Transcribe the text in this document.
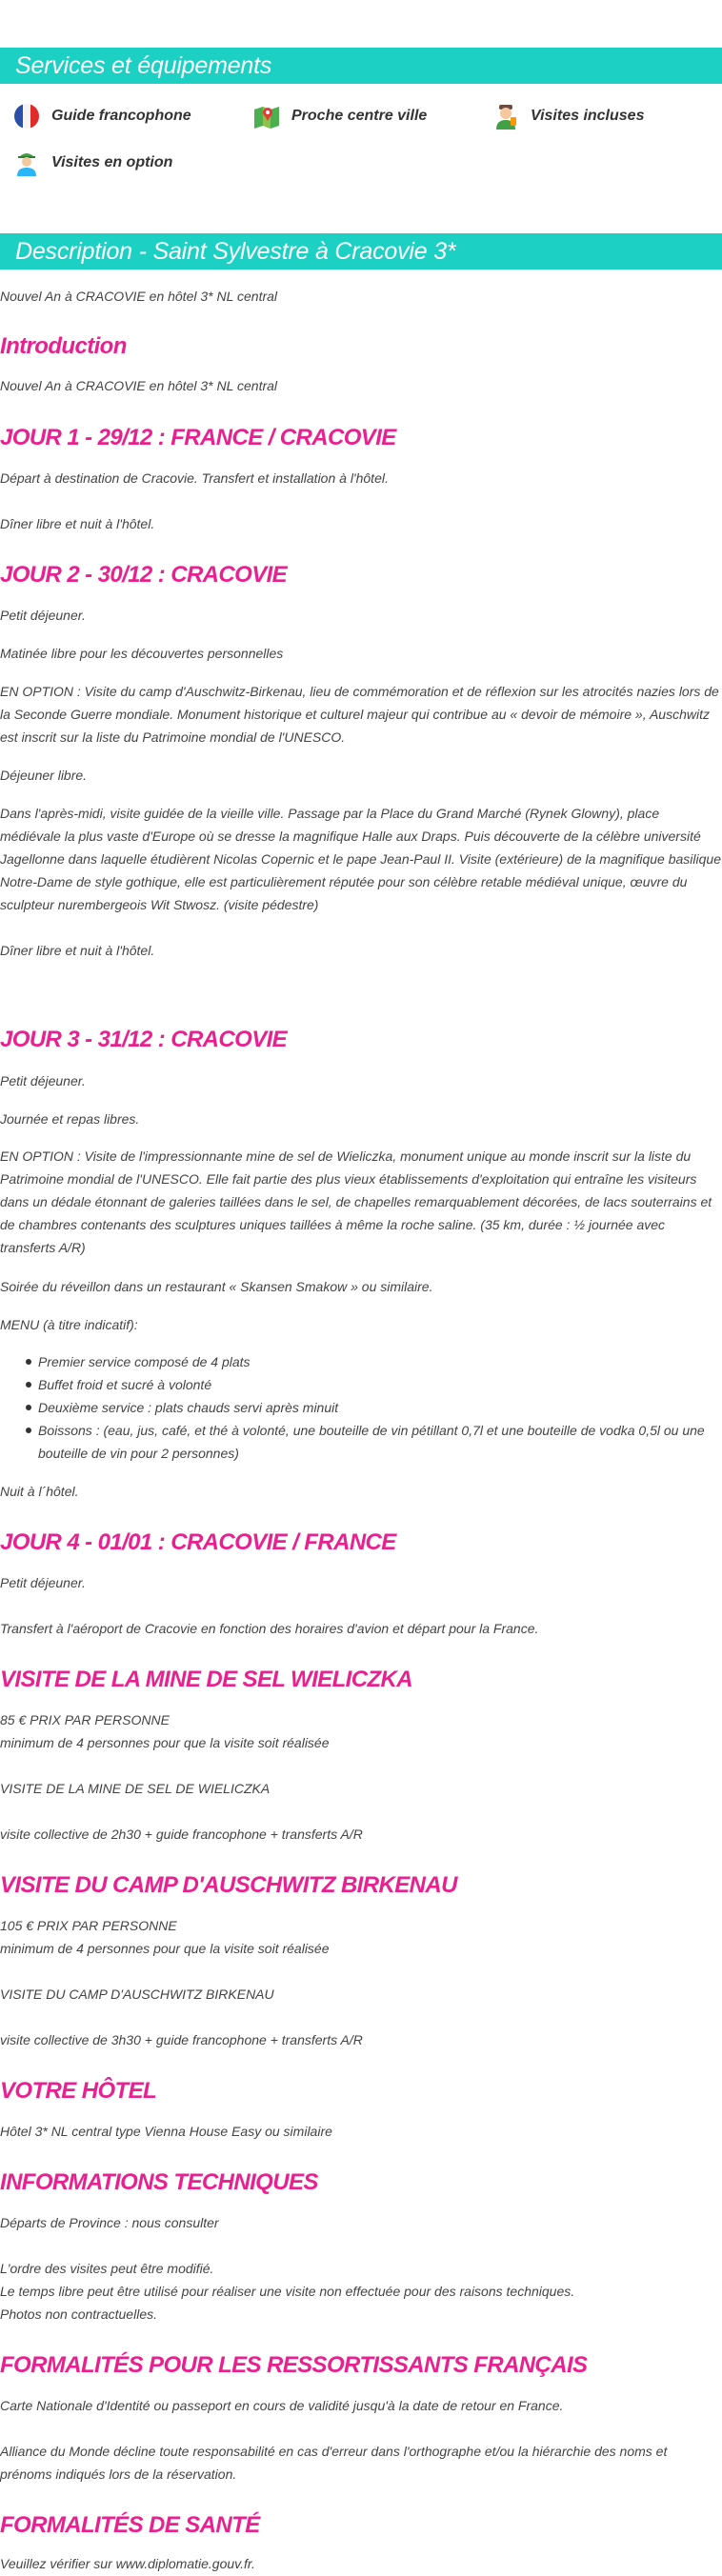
Services et équipements
Guide francophone	Proche centre ville	Visites incluses
Visites en option
Description - Saint Sylvestre à Cracovie 3*

Nouvel An à CRACOVIE en hôtel 3* NL central

Introduction

Nouvel An à CRACOVIE en hôtel 3* NL central

JOUR 1 - 29/12 : FRANCE / CRACOVIE

Départ à destination de Cracovie. Transfert et installation à l'hôtel.

Dîner libre et nuit à l'hôtel.

JOUR 2 - 30/12 : CRACOVIE

Petit déjeuner.

Matinée libre pour les découvertes personnelles

EN OPTION : Visite du camp d'Auschwitz-Birkenau, lieu de commémoration et de réflexion sur les atrocités nazies lors de la Seconde Guerre mondiale. Monument historique et culturel majeur qui contribue au « devoir de mémoire », Auschwitz est inscrit sur la liste du Patrimoine mondial de l'UNESCO.

Déjeuner libre.

Dans l'après-midi, visite guidée de la vieille ville. Passage par la Place du Grand Marché (Rynek Glowny), place médiévale la plus vaste d'Europe où se dresse la magnifique Halle aux Draps. Puis découverte de la célèbre université Jagellonne dans laquelle étudièrent Nicolas Copernic et le pape Jean-Paul II. Visite (extérieure) de la magnifique basilique Notre-Dame de style gothique, elle est particulièrement réputée pour son célèbre retable médiéval unique, œuvre du sculpteur nurembergeois Wit Stwosz. (visite pédestre)

Dîner libre et nuit à l'hôtel.

JOUR 3 - 31/12 : CRACOVIE

Petit déjeuner.

Journée et repas libres.

EN OPTION : Visite de l'impressionnante mine de sel de Wieliczka, monument unique au monde inscrit sur la liste du Patrimoine mondial de l'UNESCO. Elle fait partie des plus vieux établissements d'exploitation qui entraîne les visiteurs dans un dédale étonnant de galeries taillées dans le sel, de chapelles remarquablement décorées, de lacs souterrains et de chambres contenants des sculptures uniques taillées à même la roche saline. (35 km, durée : ½ journée avec transferts A/R)

Soirée du réveillon dans un restaurant « Skansen Smakow » ou similaire.

MENU (à titre indicatif):

Premier service composé de 4 plats
Buffet froid et sucré à volonté
Deuxième service : plats chauds servi après minuit
Boissons : (eau, jus, café, et thé à volonté, une bouteille de vin pétillant 0,7l et une bouteille de vodka 0,5l ou une bouteille de vin pour 2 personnes)

Nuit à l´hôtel.

JOUR 4 - 01/01 : CRACOVIE / FRANCE

Petit déjeuner.

Transfert à l'aéroport de Cracovie en fonction des horaires d'avion et départ pour la France.

VISITE DE LA MINE DE SEL WIELICZKA

85 € PRIX PAR PERSONNE

minimum de 4 personnes pour que la visite soit réalisée

VISITE DE LA MINE DE SEL DE WIELICZKA

visite collective de 2h30 + guide francophone + transferts A/R

VISITE DU CAMP D'AUSCHWITZ BIRKENAU

105 € PRIX PAR PERSONNE

minimum de 4 personnes pour que la visite soit réalisée

VISITE DU CAMP D'AUSCHWITZ BIRKENAU

visite collective de 3h30 + guide francophone + transferts A/R

VOTRE HÔTEL

Hôtel 3* NL central type Vienna House Easy ou similaire

INFORMATIONS TECHNIQUES

Départs de Province : nous consulter

L'ordre des visites peut être modifié.

Le temps libre peut être utilisé pour réaliser une visite non effectuée pour des raisons techniques.

Photos non contractuelles.

FORMALITÉS POUR LES RESSORTISSANTS FRANÇAIS

Carte Nationale d'Identité ou passeport en cours de validité jusqu'à la date de retour en France.

Alliance du Monde décline toute responsabilité en cas d'erreur dans l'orthographe et/ou la hiérarchie des noms et prénoms indiqués lors de la réservation.

FORMALITÉS DE SANTÉ

Veuillez vérifier sur www.diplomatie.gouv.fr.
